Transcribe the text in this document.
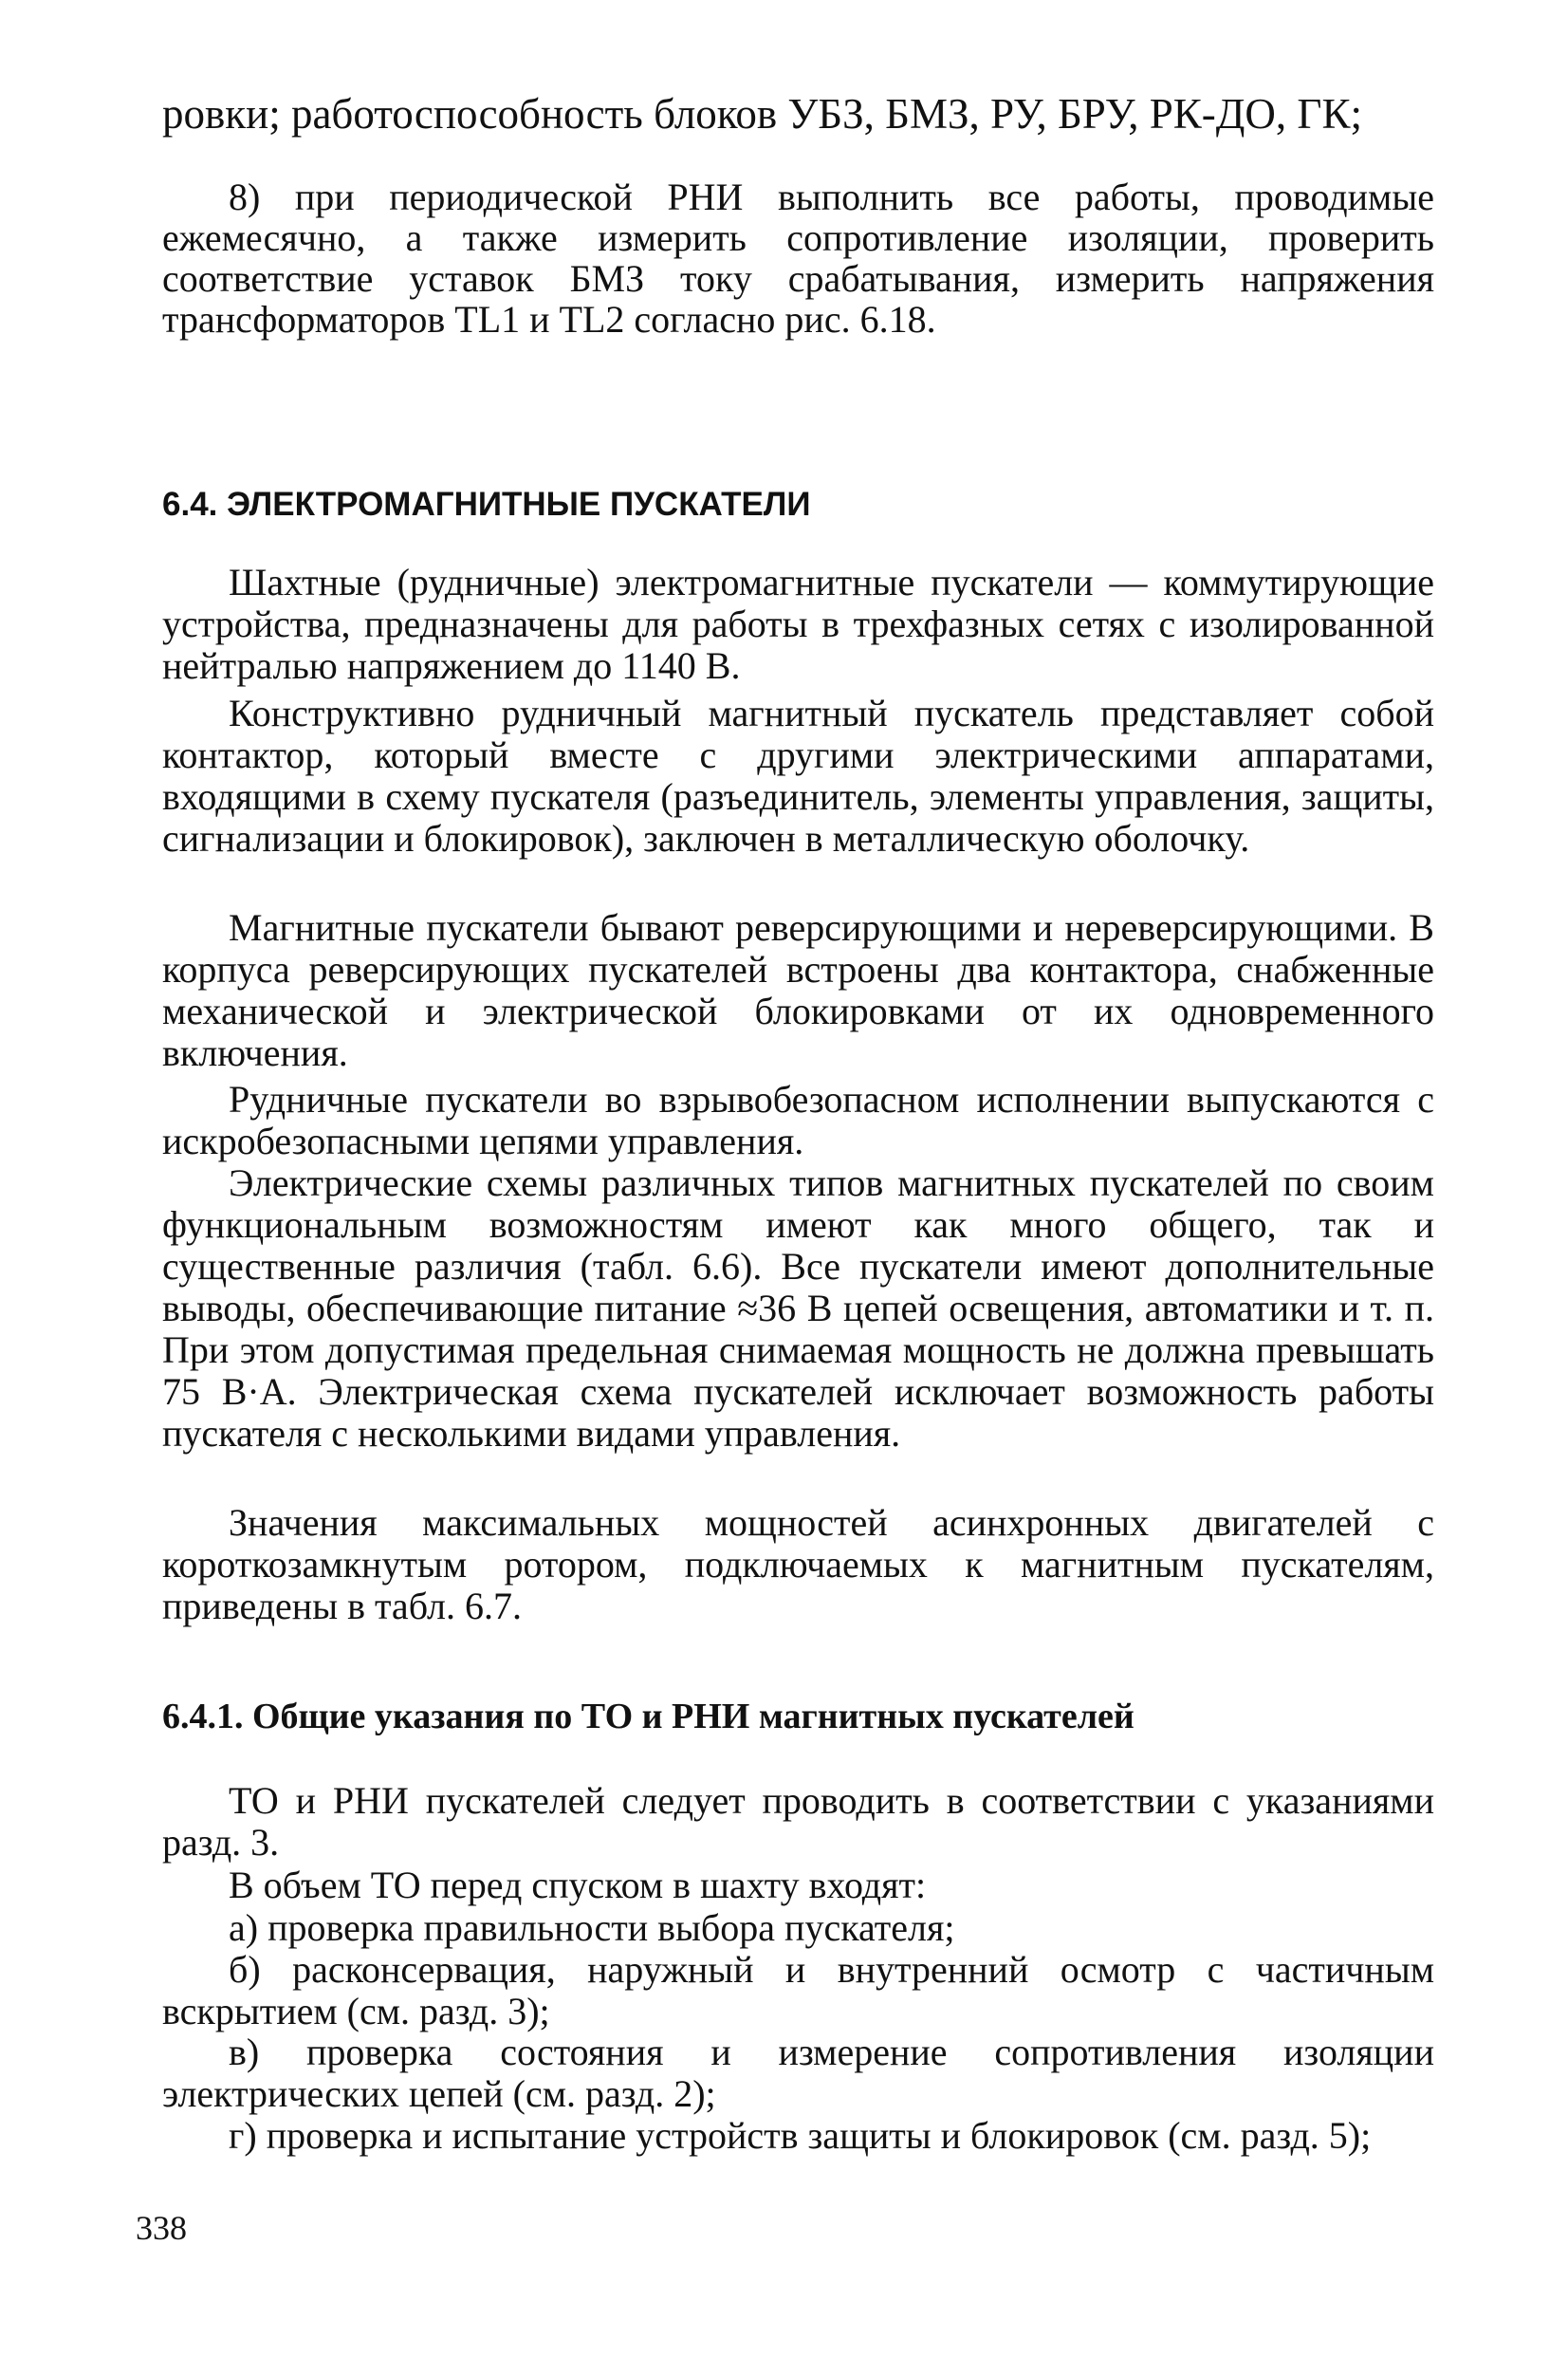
ровки; работоспособность блоков УБЗ, БМЗ, РУ, БРУ, РК-ДО, ГК;
8) при периодической РНИ выполнить все работы, проводимые ежемесячно, а также измерить сопротивление изоляции, проверить соответствие уставок БМЗ току срабатывания, измерить напряжения трансформаторов TL1 и TL2 согласно рис. 6.18.
6.4. ЭЛЕКТРОМАГНИТНЫЕ ПУСКАТЕЛИ
Шахтные (рудничные) электромагнитные пускатели — коммутирующие устройства, предназначены для работы в трехфазных сетях с изолированной нейтралью напряжением до 1140 В.
Конструктивно рудничный магнитный пускатель представляет собой контактор, который вместе с другими электрическими аппаратами, входящими в схему пускателя (разъединитель, элементы управления, защиты, сигнализации и блокировок), заключен в металлическую оболочку.
Магнитные пускатели бывают реверсирующими и нереверсирующими. В корпуса реверсирующих пускателей встроены два контактора, снабженные механической и электрической блокировками от их одновременного включения.
Рудничные пускатели во взрывобезопасном исполнении выпускаются с искробезопасными цепями управления.
Электрические схемы различных типов магнитных пускателей по своим функциональным возможностям имеют как много общего, так и существенные различия (табл. 6.6). Все пускатели имеют дополнительные выводы, обеспечивающие питание ≈36 В цепей освещения, автоматики и т. п. При этом допустимая предельная снимаемая мощность не должна превышать 75 В·А. Электрическая схема пускателей исключает возможность работы пускателя с несколькими видами управления.
Значения максимальных мощностей асинхронных двигателей с короткозамкнутым ротором, подключаемых к магнитным пускателям, приведены в табл. 6.7.
6.4.1. Общие указания по ТО и РНИ магнитных пускателей
ТО и РНИ пускателей следует проводить в соответствии с указаниями разд. 3.
В объем ТО перед спуском в шахту входят:
а) проверка правильности выбора пускателя;
б) расконсервация, наружный и внутренний осмотр с частичным вскрытием (см. разд. 3);
в) проверка состояния и измерение сопротивления изоляции электрических цепей (см. разд. 2);
г) проверка и испытание устройств защиты и блокировок (см. разд. 5);
338
